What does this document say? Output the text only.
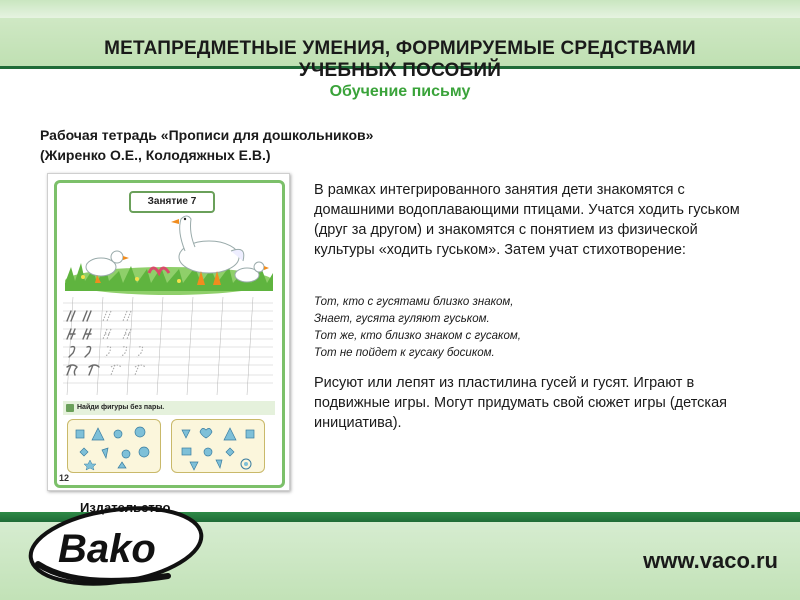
МЕТАПРЕДМЕТНЫЕ УМЕНИЯ, ФОРМИРУЕМЫЕ СРЕДСТВАМИ
УЧЕБНЫХ ПОСОБИЙ
Обучение письму
Рабочая тетрадь «Прописи для дошкольников»
(Жиренко О.Е., Колодяжных Е.В.)
Занятие 7
Найди фигуры без пары.
12

В рамках интегрированного занятия дети знакомятся с домашними водоплавающими птицами. Учатся ходить гуськом (друг за другом) и знакомятся с понятием из физической культуры «ходить гуськом». Затем учат стихотворение:

Тот, кто с гусятами близко знаком,
Знает, гусята гуляют гуськом.
Тот же, кто близко знаком с гусаком,
Тот не пойдет к гусаку босиком.

Рисуют или лепят из пластилина гусей и гусят. Играют в подвижные игры. Могут придумать свой сюжет игры (детская инициатива).

Издательство
Bako	www.vaco.ru
